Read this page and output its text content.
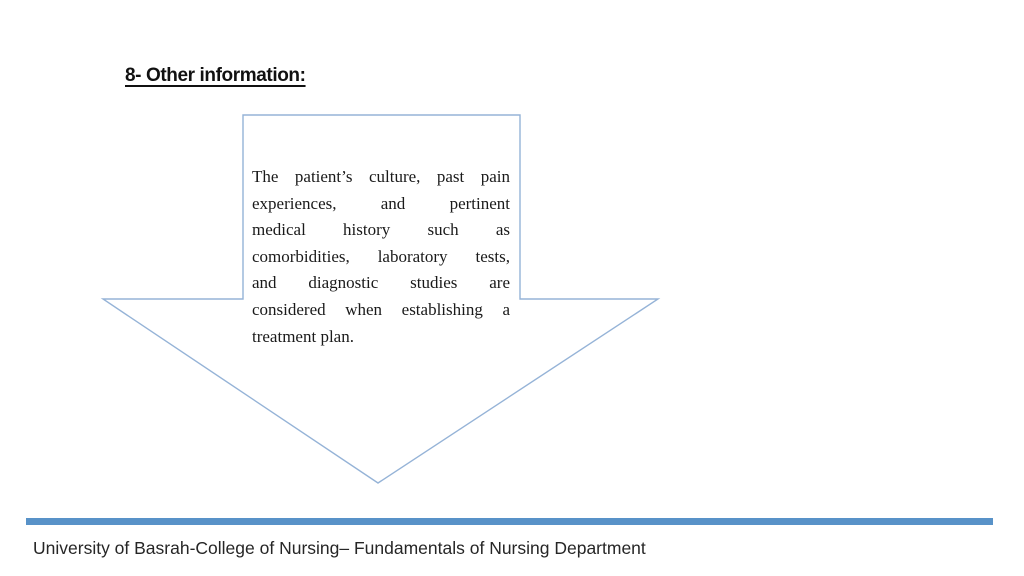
8- Other information:
The patient’s culture, past pain
experiences, and pertinent
medical history such as
comorbidities, laboratory tests,
and diagnostic studies are
considered when establishing a
treatment plan.
University of Basrah-College of Nursing– Fundamentals of Nursing Department
